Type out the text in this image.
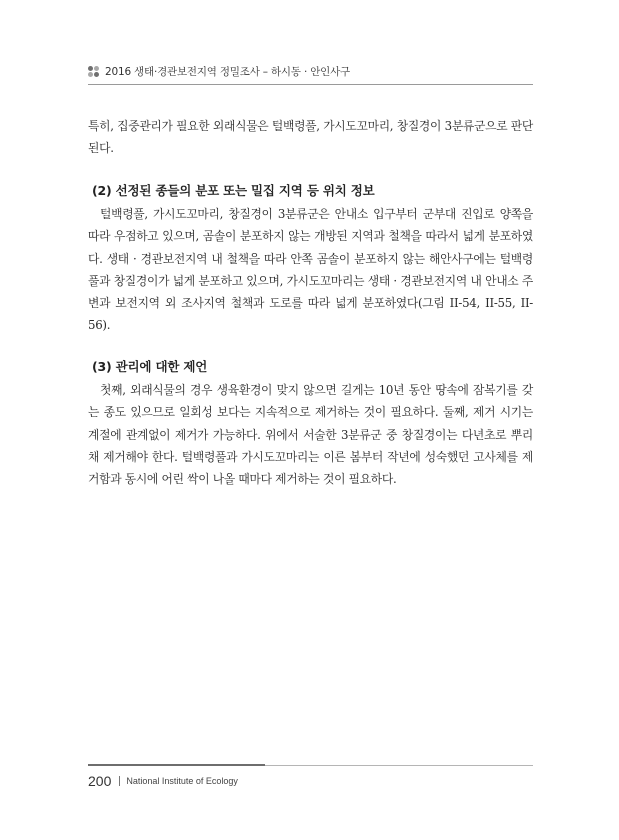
2016 생태·경관보전지역 정밀조사 – 하시동 · 안인사구

특히, 집중관리가 필요한 외래식물은 털백령풀, 가시도꼬마리, 창질경이 3분류군으로 판단된다.

(2) 선정된 종들의 분포 또는 밀집 지역 등 위치 정보

털백령풀, 가시도꼬마리, 창질경이 3분류군은 안내소 입구부터 군부대 진입로 양쪽을 따라 우점하고 있으며, 곰솔이 분포하지 않는 개방된 지역과 철책을 따라서 넓게 분포하였다. 생태 · 경관보전지역 내 철책을 따라 안쪽 곰솔이 분포하지 않는 해안사구에는 털백령풀과 창질경이가 넓게 분포하고 있으며, 가시도꼬마리는 생태 · 경관보전지역 내 안내소 주변과 보전지역 외 조사지역 철책과 도로를 따라 넓게 분포하였다(그림 II-54, II-55, II-56).

(3) 관리에 대한 제언

첫째, 외래식물의 경우 생육환경이 맞지 않으면 길게는 10년 동안 땅속에 잠복기를 갖는 종도 있으므로 일회성 보다는 지속적으로 제거하는 것이 필요하다. 둘째, 제거 시기는 계절에 관계없이 제거가 가능하다. 위에서 서술한 3분류군 중 창질경이는 다년초로 뿌리 채 제거해야 한다. 털백령풀과 가시도꼬마리는 이른 봄부터 작년에 성숙했던 고사체를 제거함과 동시에 어린 싹이 나올 때마다 제거하는 것이 필요하다.

200 National Institute of Ecology
